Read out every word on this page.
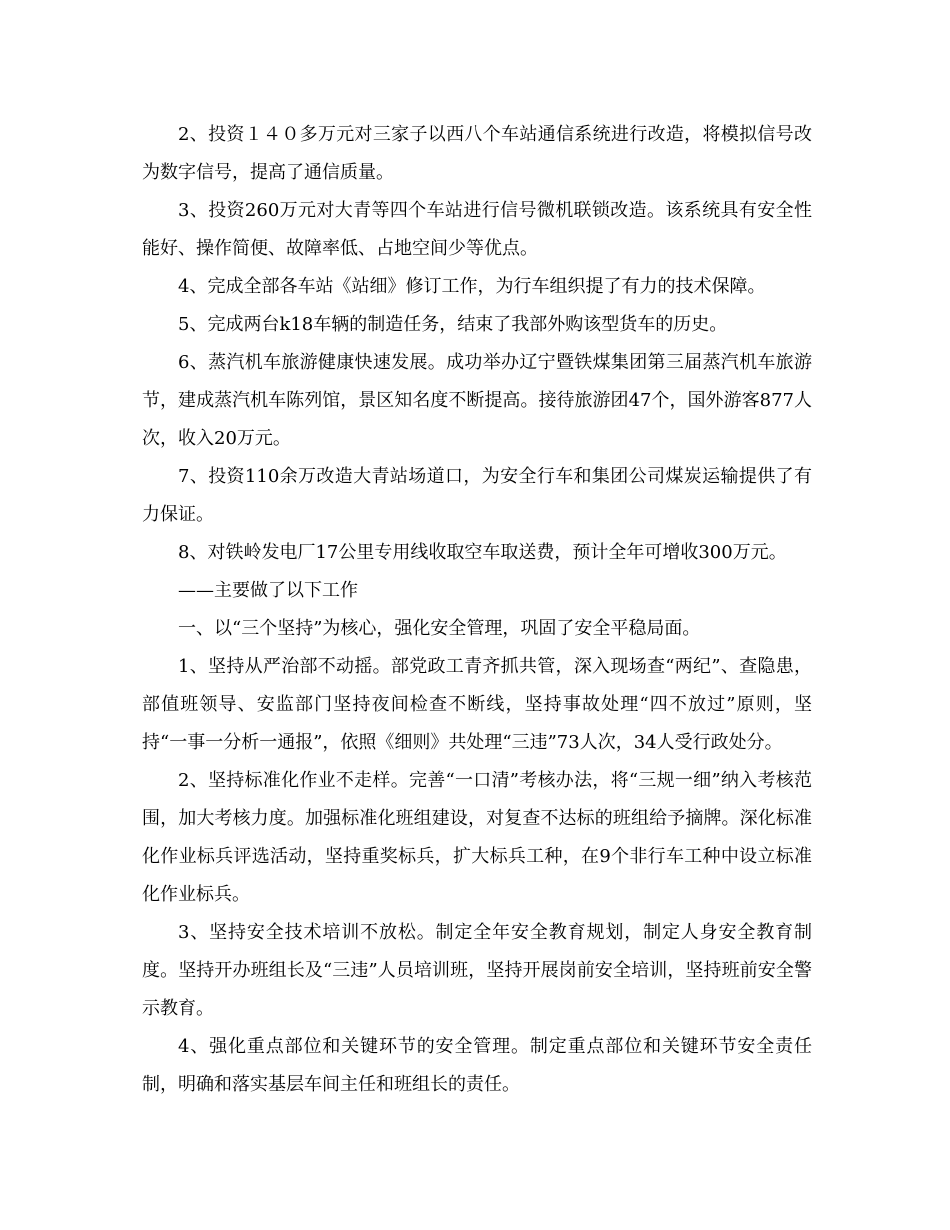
2、投资１４０多万元对三家子以西八个车站通信系统进行改造，将模拟信号改为数字信号，提高了通信质量。

3、投资260万元对大青等四个车站进行信号微机联锁改造。该系统具有安全性能好、操作简便、故障率低、占地空间少等优点。

4、完成全部各车站《站细》修订工作，为行车组织提了有力的技术保障。

5、完成两台k18车辆的制造任务，结束了我部外购该型货车的历史。

6、蒸汽机车旅游健康快速发展。成功举办辽宁暨铁煤集团第三届蒸汽机车旅游节，建成蒸汽机车陈列馆，景区知名度不断提高。接待旅游团47个，国外游客877人次，收入20万元。

7、投资110余万改造大青站场道口，为安全行车和集团公司煤炭运输提供了有力保证。

8、对铁岭发电厂17公里专用线收取空车取送费，预计全年可增收300万元。

——主要做了以下工作

一、以“三个坚持”为核心，强化安全管理，巩固了安全平稳局面。

1、坚持从严治部不动摇。部党政工青齐抓共管，深入现场查“两纪”、查隐患，部值班领导、安监部门坚持夜间检查不断线，坚持事故处理“四不放过”原则，坚持“一事一分析一通报”，依照《细则》共处理“三违”73人次，34人受行政处分。

2、坚持标准化作业不走样。完善“一口清”考核办法，将“三规一细”纳入考核范围，加大考核力度。加强标准化班组建设，对复查不达标的班组给予摘牌。深化标准化作业标兵评选活动，坚持重奖标兵，扩大标兵工种，在9个非行车工种中设立标准化作业标兵。

3、坚持安全技术培训不放松。制定全年安全教育规划，制定人身安全教育制度。坚持开办班组长及“三违”人员培训班，坚持开展岗前安全培训，坚持班前安全警示教育。

4、强化重点部位和关键环节的安全管理。制定重点部位和关键环节安全责任制，明确和落实基层车间主任和班组长的责任。
